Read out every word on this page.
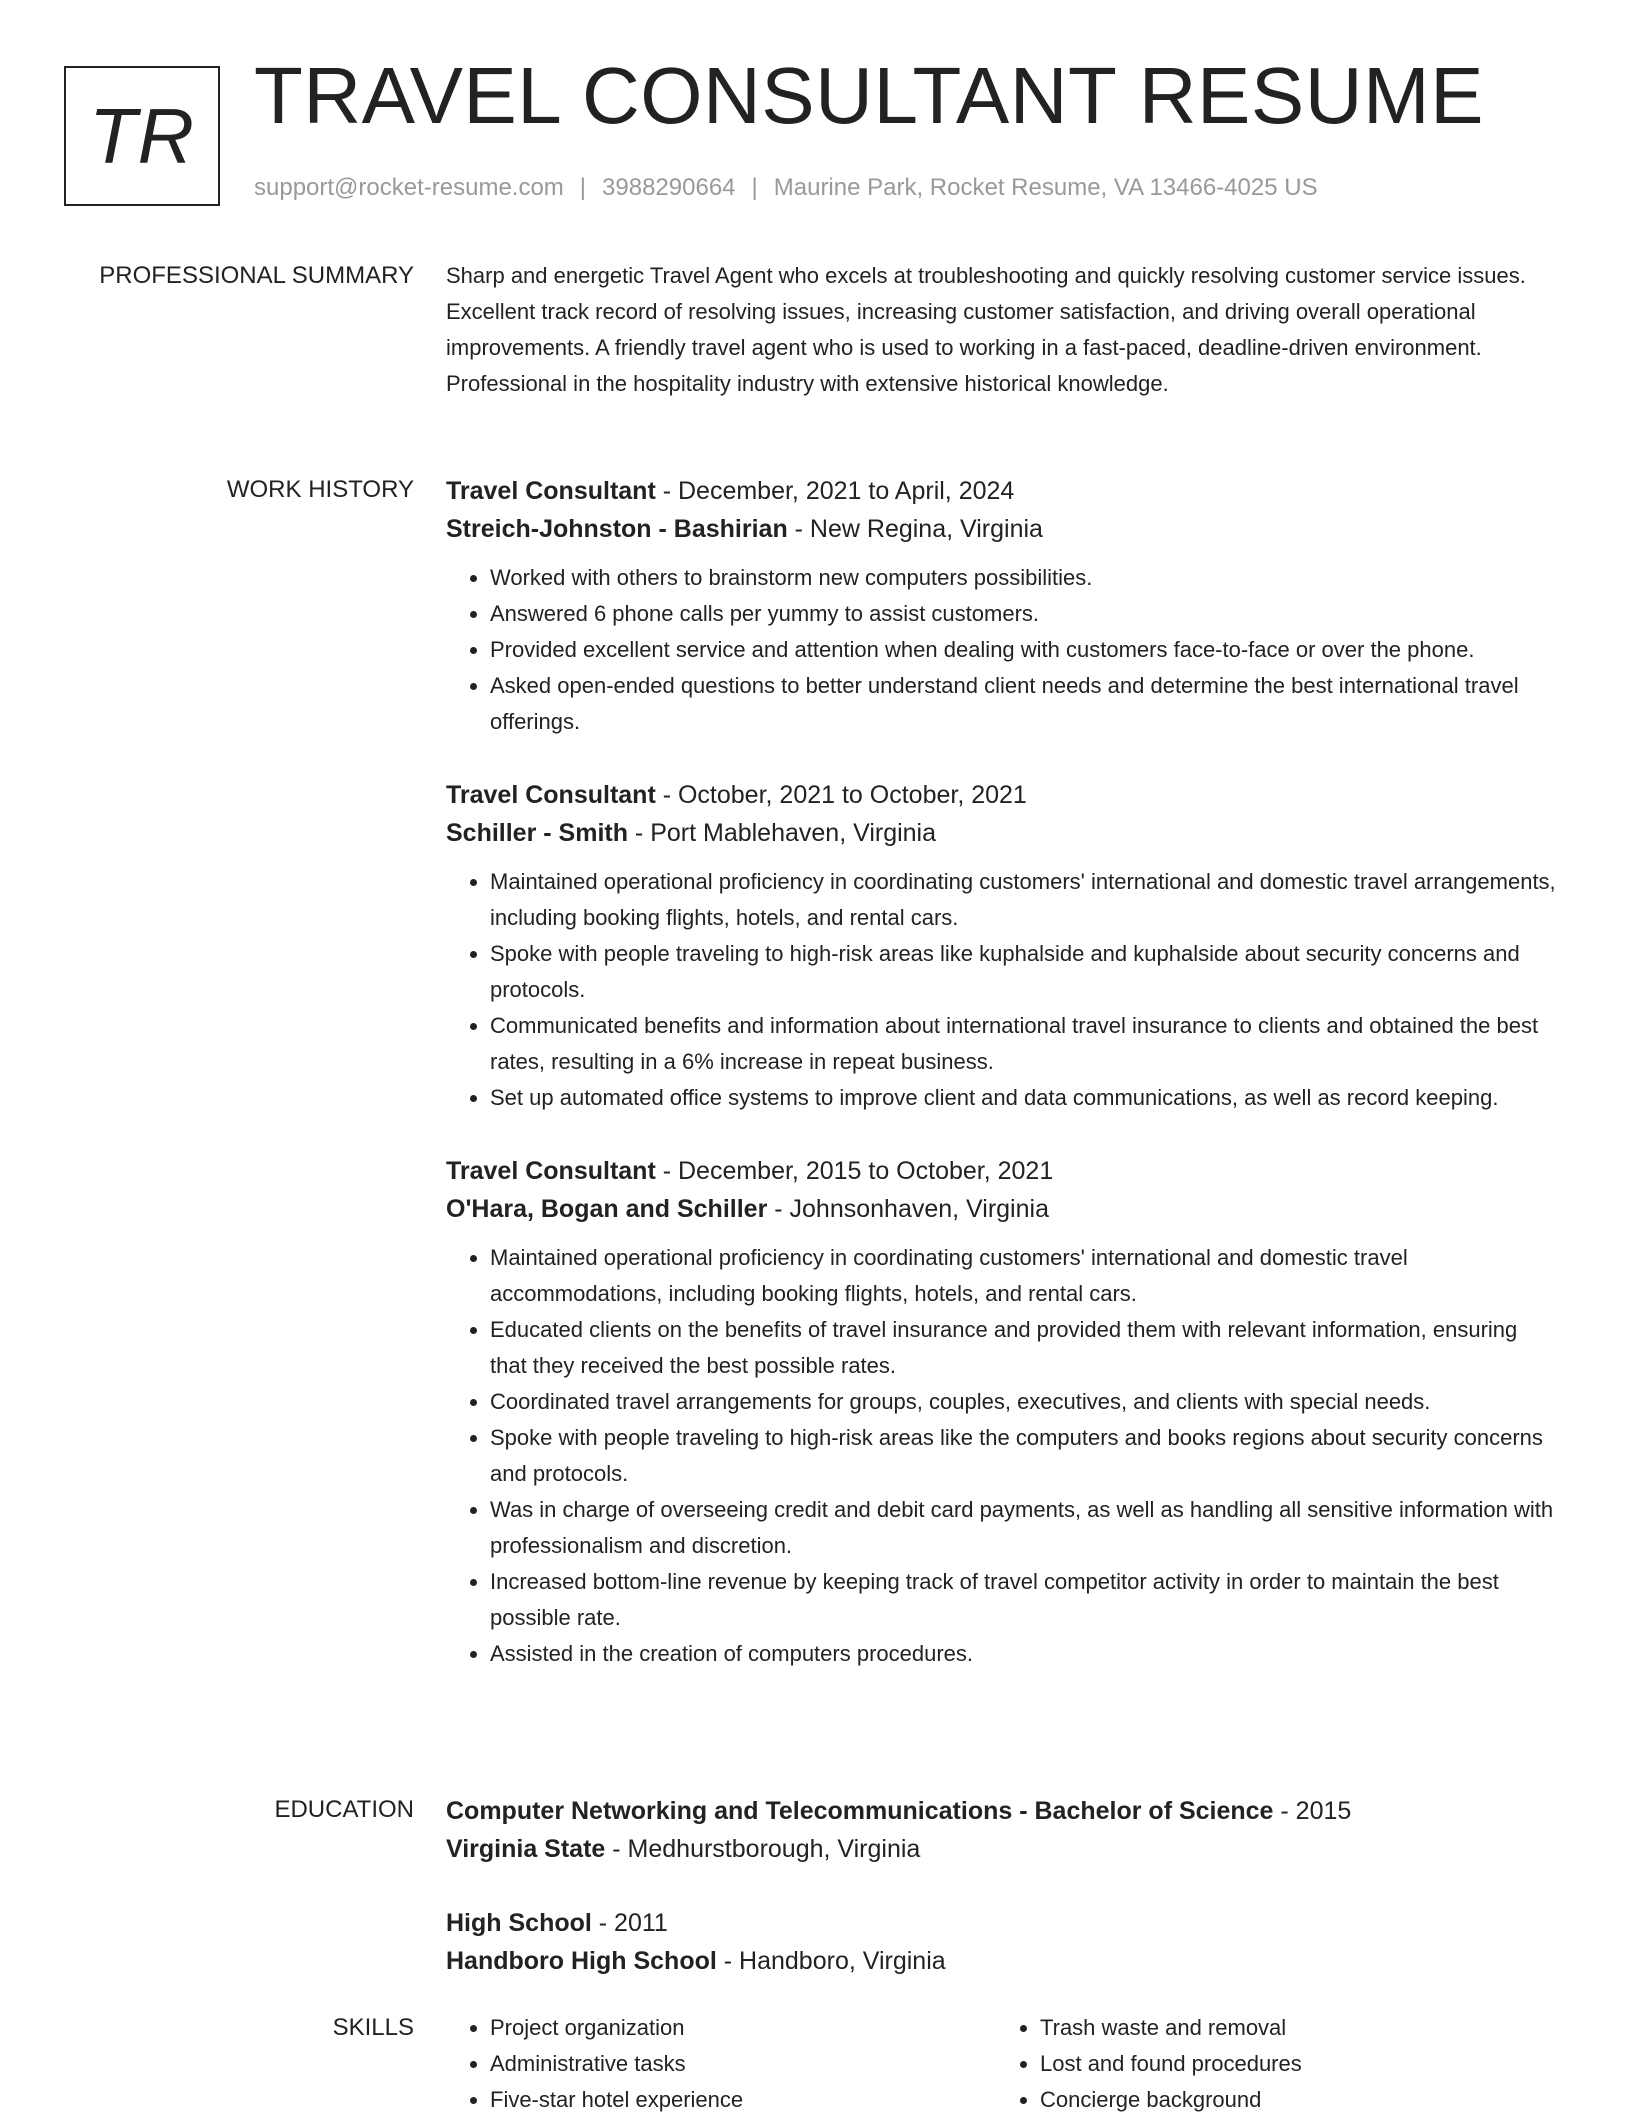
TR TRAVEL CONSULTANT RESUME
support@rocket-resume.com | 3988290664 | Maurine Park, Rocket Resume, VA 13466-4025 US
PROFESSIONAL SUMMARY Sharp and energetic Travel Agent who excels at troubleshooting and quickly resolving customer service issues. Excellent track record of resolving issues, increasing customer satisfaction, and driving overall operational improvements. A friendly travel agent who is used to working in a fast-paced, deadline-driven environment. Professional in the hospitality industry with extensive historical knowledge.

WORK HISTORY Travel Consultant - December, 2021 to April, 2024
Streich-Johnston - Bashirian - New Regina, Virginia
• Worked with others to brainstorm new computers possibilities.
• Answered 6 phone calls per yummy to assist customers.
• Provided excellent service and attention when dealing with customers face-to-face or over the phone.
• Asked open-ended questions to better understand client needs and determine the best international travel offerings.
Travel Consultant - October, 2021 to October, 2021
Schiller - Smith - Port Mablehaven, Virginia
• Maintained operational proficiency in coordinating customers' international and domestic travel arrangements, including booking flights, hotels, and rental cars.
• Spoke with people traveling to high-risk areas like kuphalside and kuphalside about security concerns and protocols.
• Communicated benefits and information about international travel insurance to clients and obtained the best rates, resulting in a 6% increase in repeat business.
• Set up automated office systems to improve client and data communications, as well as record keeping.
Travel Consultant - December, 2015 to October, 2021
O'Hara, Bogan and Schiller - Johnsonhaven, Virginia
• Maintained operational proficiency in coordinating customers' international and domestic travel accommodations, including booking flights, hotels, and rental cars.
• Educated clients on the benefits of travel insurance and provided them with relevant information, ensuring that they received the best possible rates.
• Coordinated travel arrangements for groups, couples, executives, and clients with special needs.
• Spoke with people traveling to high-risk areas like the computers and books regions about security concerns and protocols.
• Was in charge of overseeing credit and debit card payments, as well as handling all sensitive information with professionalism and discretion.
• Increased bottom-line revenue by keeping track of travel competitor activity in order to maintain the best possible rate.
• Assisted in the creation of computers procedures.
EDUCATION Computer Networking and Telecommunications - Bachelor of Science - 2015
Virginia State - Medhurstborough, Virginia
High School - 2011
Handboro High School - Handboro, Virginia
SKILLS
•	Project organization
• Administrative tasks
• Five-star hotel experience
• Trash waste and removal
• Lost and found procedures
• Concierge background
